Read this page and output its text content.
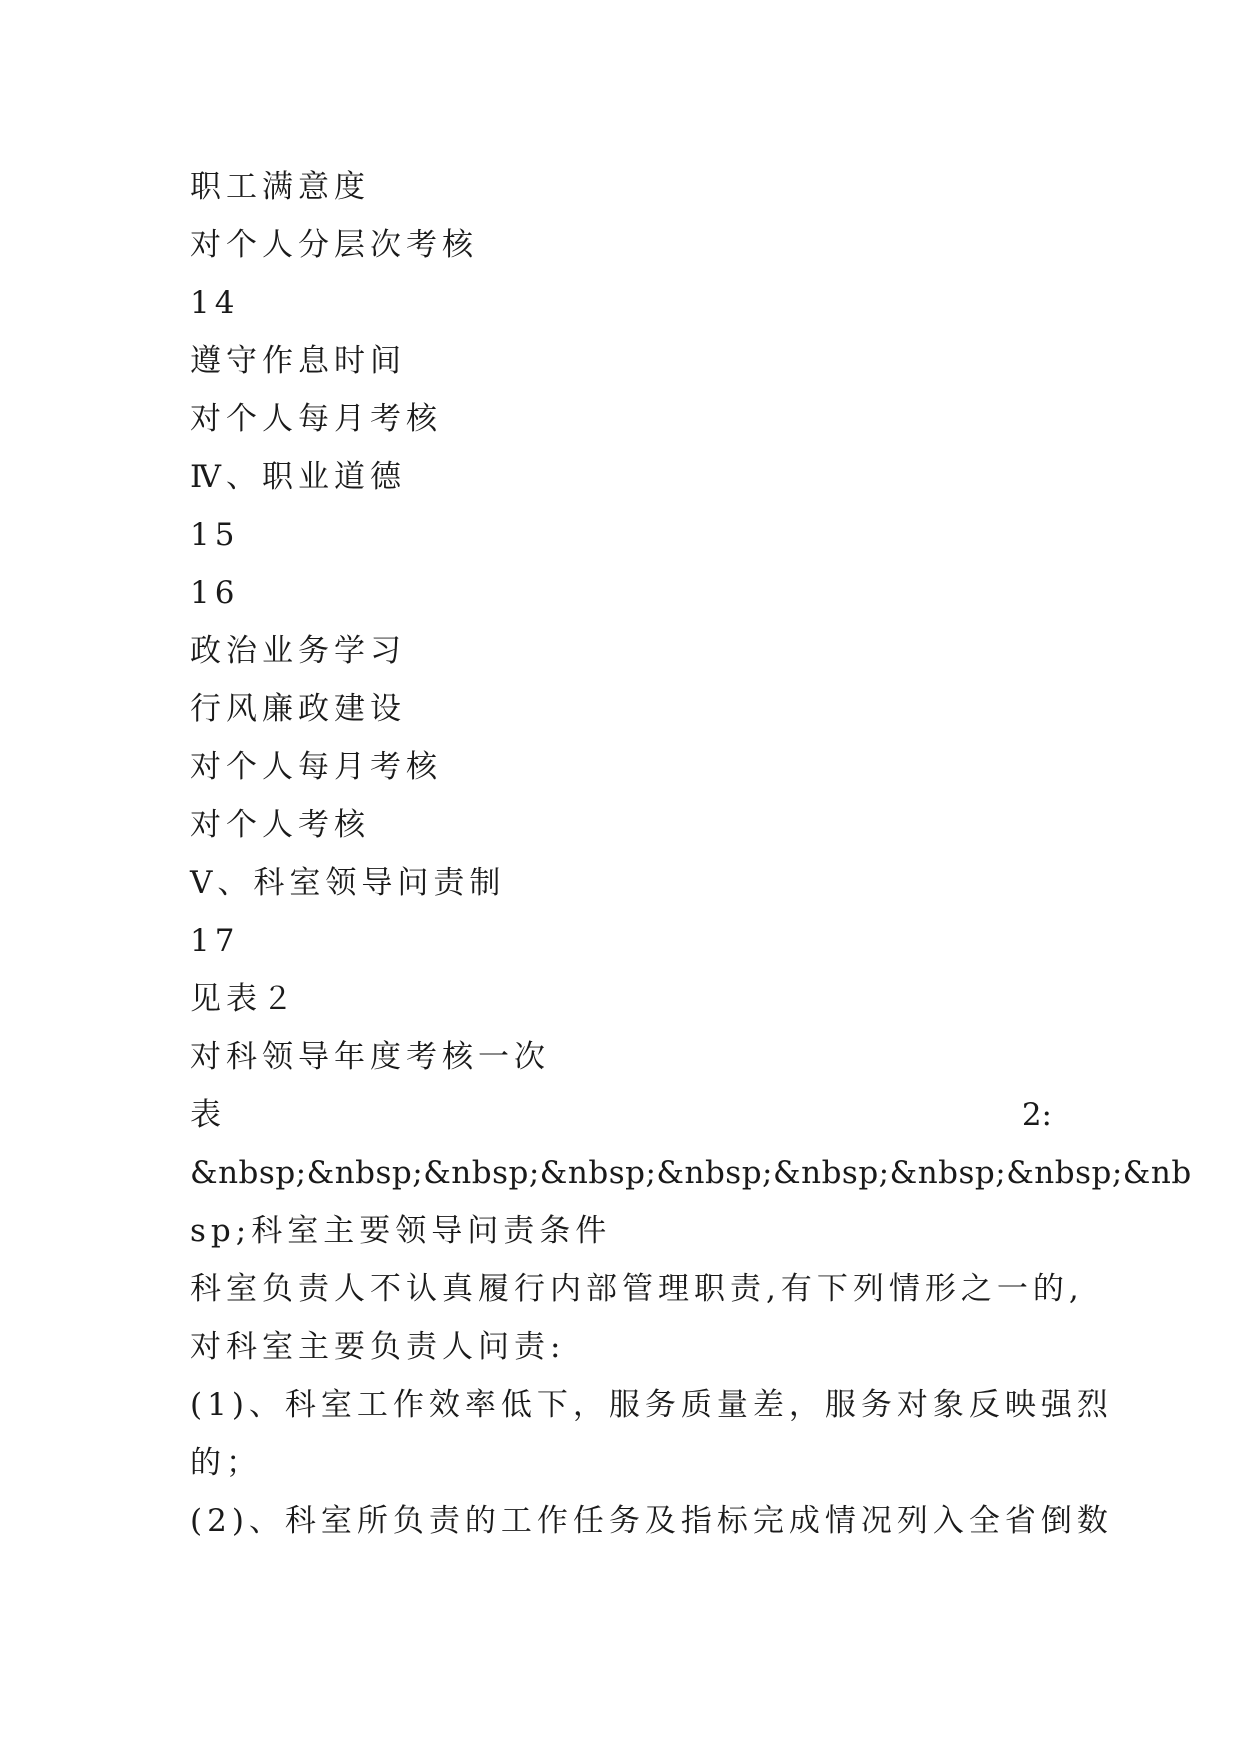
职工满意度
对个人分层次考核
14
遵守作息时间
对个人每月考核
Ⅳ、职业道德
15
16
政治业务学习
行风廉政建设
对个人每月考核
对个人考核
Ⅴ、科室领导问责制
17
见表２
对科领导年度考核一次
表	2:
&nbsp;&nbsp;&nbsp;&nbsp;&nbsp;&nbsp;&nbsp;&nbsp;&nb
sp;科室主要领导问责条件
科室负责人不认真履行内部管理职责,有下列情形之一的,
对科室主要负责人问责:
(1)、科室工作效率低下，服务质量差，服务对象反映强烈
的；
(2)、科室所负责的工作任务及指标完成情况列入全省倒数
